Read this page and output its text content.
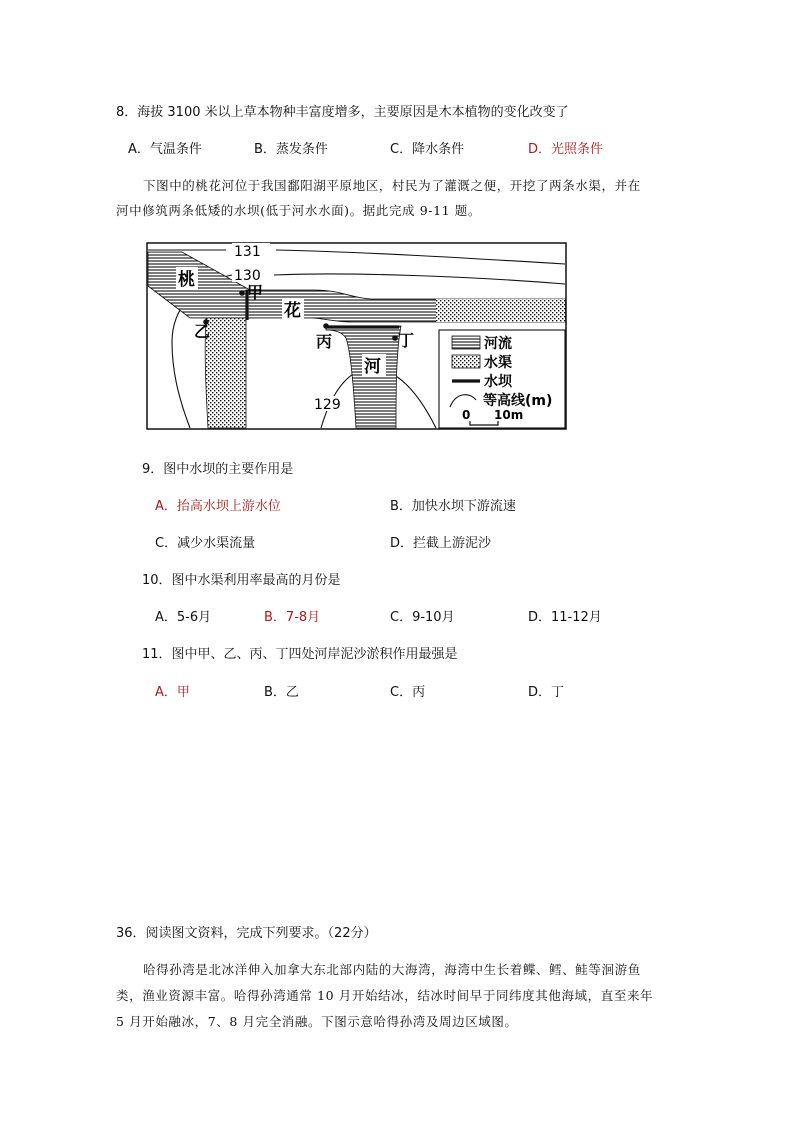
8．海拔 3100 米以上草本物种丰富度增多，主要原因是木本植物的变化改变了
A．气温条件	B．蒸发条件	C．降水条件	D．光照条件
下图中的桃花河位于我国鄱阳湖平原地区，村民为了灌溉之便，开挖了两条水渠，并在
河中修筑两条低矮的水坝(低于河水水面)。据此完成 9-11 题。
131
130
129
桃
花
河
甲
乙
丙	丁	河流
水渠
水坝
等高线(m)
0 10m
9．图中水坝的主要作用是
A．抬高水坝上游水位	B．加快水坝下游流速
C．减少水渠流量	D．拦截上游泥沙
10．图中水渠利用率最高的月份是
A．5-6月	B．7-8月	C．9-10月	D．11-12月
11．图中甲、乙、丙、丁四处河岸泥沙淤积作用最强是
A．甲	B．乙	C．丙	D．丁
36．阅读图文资料，完成下列要求。（22分）
哈得孙湾是北冰洋伸入加拿大东北部内陆的大海湾，海湾中生长着鲽、鳕、鲑等洄游鱼
类，渔业资源丰富。哈得孙湾通常 10 月开始结冰，结冰时间早于同纬度其他海域，直至来年
5 月开始融冰，7、8 月完全消融。下图示意哈得孙湾及周边区域图。
